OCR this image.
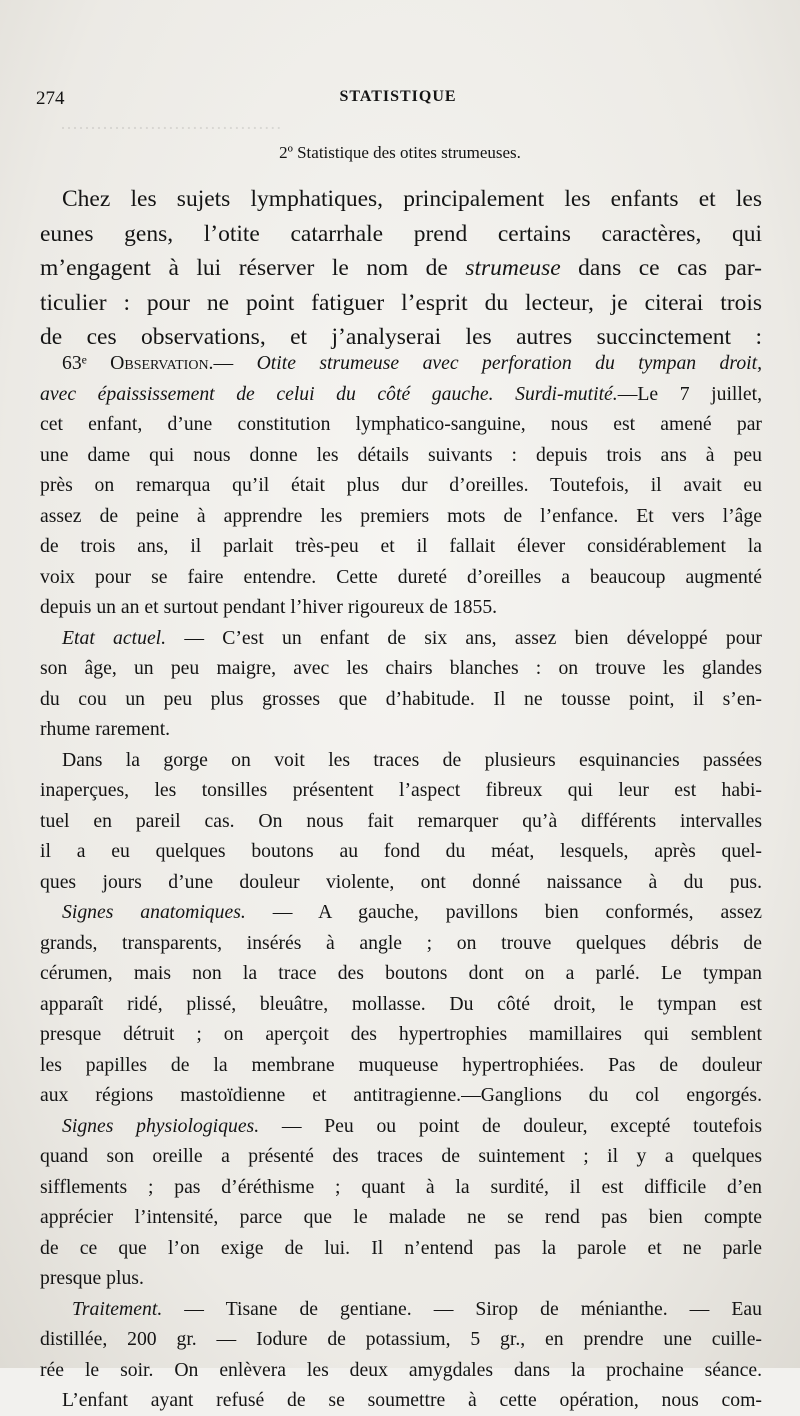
·····································
274	STATISTIQUE
2º Statistique des otites strumeuses.
Chez les sujets lymphatiques, principalement les enfants et les
eunes gens, l’otite catarrhale prend certains caractères, qui
m’engagent à lui réserver le nom de strumeuse dans ce cas par-
ticulier : pour ne point fatiguer l’esprit du lecteur, je citerai trois
de ces observations, et j’analyserai les autres succinctement :
63ᵉ Observation.— Otite strumeuse avec perforation du tympan droit,
avec épaississement de celui du côté gauche. Surdi-mutité.—Le 7 juillet,
cet enfant, d’une constitution lymphatico-sanguine, nous est amené par
une dame qui nous donne les détails suivants : depuis trois ans à peu
près on remarqua qu’il était plus dur d’oreilles. Toutefois, il avait eu
assez de peine à apprendre les premiers mots de l’enfance. Et vers l’âge
de trois ans, il parlait très-peu et il fallait élever considérablement la
voix pour se faire entendre. Cette dureté d’oreilles a beaucoup augmenté
depuis un an et surtout pendant l’hiver rigoureux de 1855.
Etat actuel. — C’est un enfant de six ans, assez bien développé pour
son âge, un peu maigre, avec les chairs blanches : on trouve les glandes
du cou un peu plus grosses que d’habitude. Il ne tousse point, il s’en-
rhume rarement.
Dans la gorge on voit les traces de plusieurs esquinancies passées
inaperçues, les tonsilles présentent l’aspect fibreux qui leur est habi-
tuel en pareil cas. On nous fait remarquer qu’à différents intervalles
il a eu quelques boutons au fond du méat, lesquels, après quel-
ques jours d’une douleur violente, ont donné naissance à du pus.
Signes anatomiques. — A gauche, pavillons bien conformés, assez
grands, transparents, insérés à angle ; on trouve quelques débris de
cérumen, mais non la trace des boutons dont on a parlé. Le tympan
apparaît ridé, plissé, bleuâtre, mollasse. Du côté droit, le tympan est
presque détruit ; on aperçoit des hypertrophies mamillaires qui semblent
les papilles de la membrane muqueuse hypertrophiées. Pas de douleur
aux régions mastoïdienne et antitragienne.—Ganglions du col engorgés.
Signes physiologiques. — Peu ou point de douleur, excepté toutefois
quand son oreille a présenté des traces de suintement ; il y a quelques
sifflements ; pas d’éréthisme ; quant à la surdité, il est difficile d’en
apprécier l’intensité, parce que le malade ne se rend pas bien compte
de ce que l’on exige de lui. Il n’entend pas la parole et ne parle
presque plus.
Traitement. — Tisane de gentiane. — Sirop de ménianthe. — Eau
distillée, 200 gr. — Iodure de potassium, 5 gr., en prendre une cuille-
rée le soir. On enlèvera les deux amygdales dans la prochaine séance.
L’enfant ayant refusé de se soumettre à cette opération, nous com-
